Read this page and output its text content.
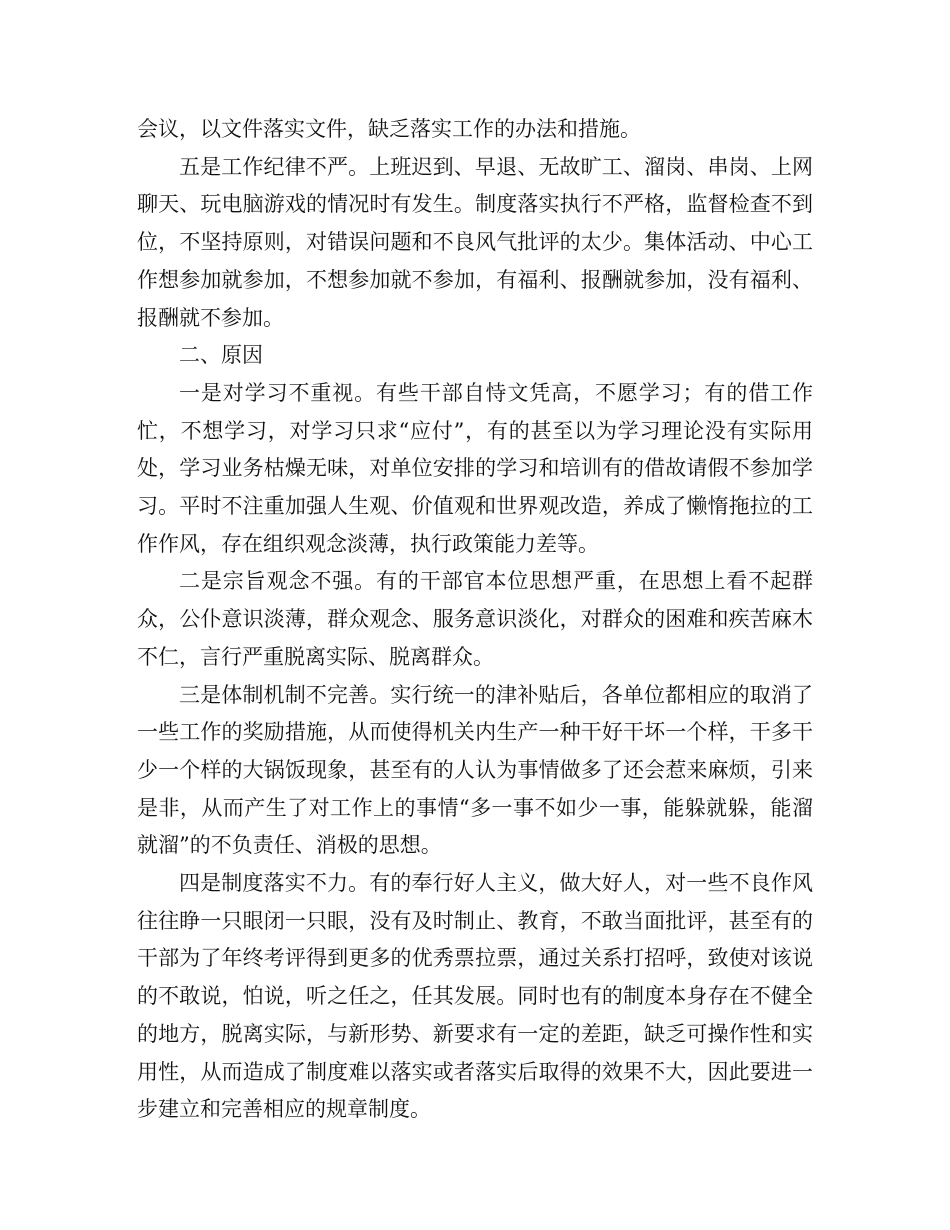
会议，以文件落实文件，缺乏落实工作的办法和措施。

五是工作纪律不严。上班迟到、早退、无故旷工、溜岗、串岗、上网聊天、玩电脑游戏的情况时有发生。制度落实执行不严格，监督检查不到位，不坚持原则，对错误问题和不良风气批评的太少。集体活动、中心工作想参加就参加，不想参加就不参加，有福利、报酬就参加，没有福利、报酬就不参加。

二、原因

一是对学习不重视。有些干部自恃文凭高，不愿学习；有的借工作忙，不想学习，对学习只求“应付”，有的甚至以为学习理论没有实际用处，学习业务枯燥无味，对单位安排的学习和培训有的借故请假不参加学习。平时不注重加强人生观、价值观和世界观改造，养成了懒惰拖拉的工作作风，存在组织观念淡薄，执行政策能力差等。

二是宗旨观念不强。有的干部官本位思想严重，在思想上看不起群众，公仆意识淡薄，群众观念、服务意识淡化，对群众的困难和疾苦麻木不仁，言行严重脱离实际、脱离群众。

三是体制机制不完善。实行统一的津补贴后，各单位都相应的取消了一些工作的奖励措施，从而使得机关内生产一种干好干坏一个样，干多干少一个样的大锅饭现象，甚至有的人认为事情做多了还会惹来麻烦，引来是非，从而产生了对工作上的事情“多一事不如少一事，能躲就躲，能溜就溜”的不负责任、消极的思想。

四是制度落实不力。有的奉行好人主义，做大好人，对一些不良作风往往睁一只眼闭一只眼，没有及时制止、教育，不敢当面批评，甚至有的干部为了年终考评得到更多的优秀票拉票，通过关系打招呼，致使对该说的不敢说，怕说，听之任之，任其发展。同时也有的制度本身存在不健全的地方，脱离实际，与新形势、新要求有一定的差距，缺乏可操作性和实用性，从而造成了制度难以落实或者落实后取得的效果不大，因此要进一步建立和完善相应的规章制度。
